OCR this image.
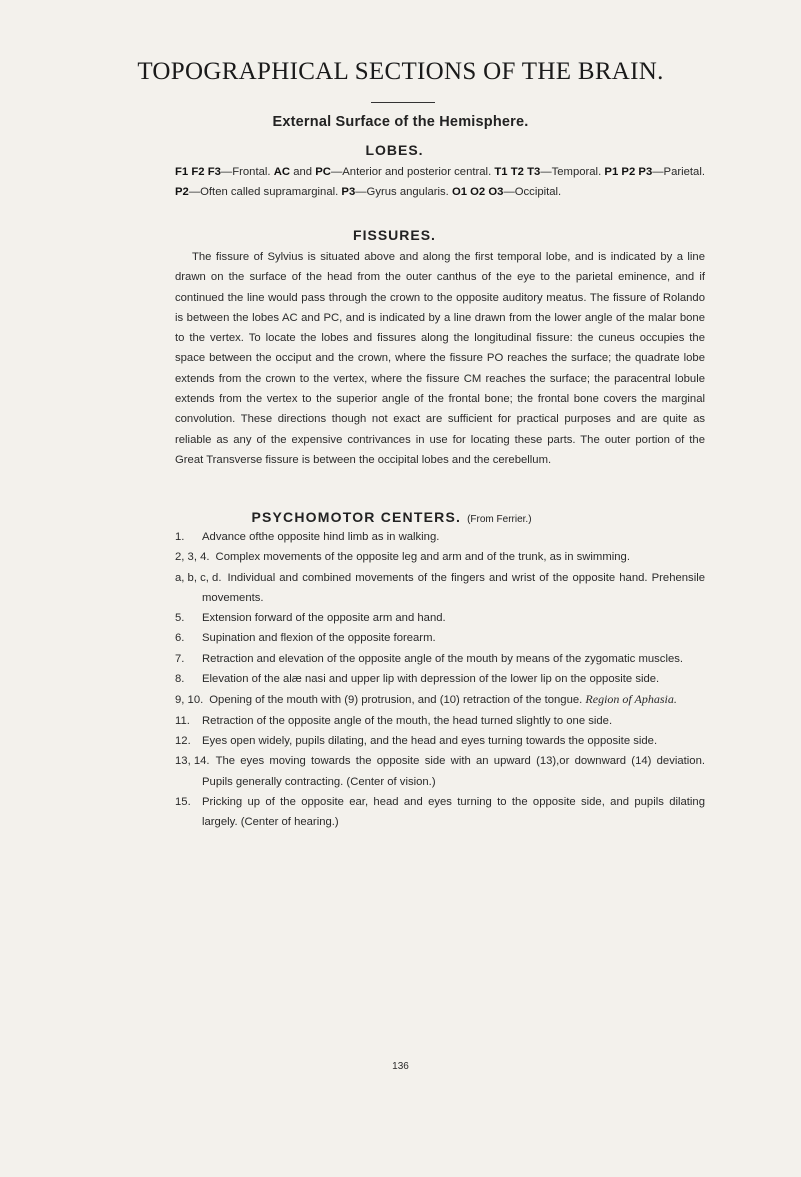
TOPOGRAPHICAL SECTIONS OF THE BRAIN.
External Surface of the Hemisphere.
LOBES.
F1 F2 F3—Frontal. AC and PC—Anterior and posterior central. T1 T2 T3—Temporal. P1 P2 P3—Parietal. P2—Often called supramarginal. P3—Gyrus angularis. O1 O2 O3—Occipital.
FISSURES.
The fissure of Sylvius is situated above and along the first temporal lobe, and is indicated by a line drawn on the surface of the head from the outer canthus of the eye to the parietal eminence, and if continued the line would pass through the crown to the opposite auditory meatus. The fissure of Rolando is between the lobes AC and PC, and is indicated by a line drawn from the lower angle of the malar bone to the vertex. To locate the lobes and fissures along the longitudinal fissure: the cuneus occupies the space between the occiput and the crown, where the fissure PO reaches the surface; the quadrate lobe extends from the crown to the vertex, where the fissure CM reaches the surface; the paracentral lobule extends from the vertex to the superior angle of the frontal bone; the frontal bone covers the marginal convolution. These directions though not exact are sufficient for practical purposes and are quite as reliable as any of the expensive contrivances in use for locating these parts. The outer portion of the Great Transverse fissure is between the occipital lobes and the cerebellum.
PSYCHOMOTOR CENTERS. (From Ferrier.)
1. Advance ofthe opposite hind limb as in walking.
2, 3, 4. Complex movements of the opposite leg and arm and of the trunk, as in swimming.
a, b, c, d. Individual and combined movements of the fingers and wrist of the opposite hand. Prehensile movements.
5. Extension forward of the opposite arm and hand.
6. Supination and flexion of the opposite forearm.
7. Retraction and elevation of the opposite angle of the mouth by means of the zygomatic muscles.
8. Elevation of the alæ nasi and upper lip with depression of the lower lip on the opposite side.
9, 10. Opening of the mouth with (9) protrusion, and (10) retraction of the tongue. Region of Aphasia.
11. Retraction of the opposite angle of the mouth, the head turned slightly to one side.
12. Eyes open widely, pupils dilating, and the head and eyes turning towards the opposite side.
13, 14. The eyes moving towards the opposite side with an upward (13),or downward (14) deviation. Pupils generally contracting. (Center of vision.)
15. Pricking up of the opposite ear, head and eyes turning to the opposite side, and pupils dilating largely. (Center of hearing.)
136
